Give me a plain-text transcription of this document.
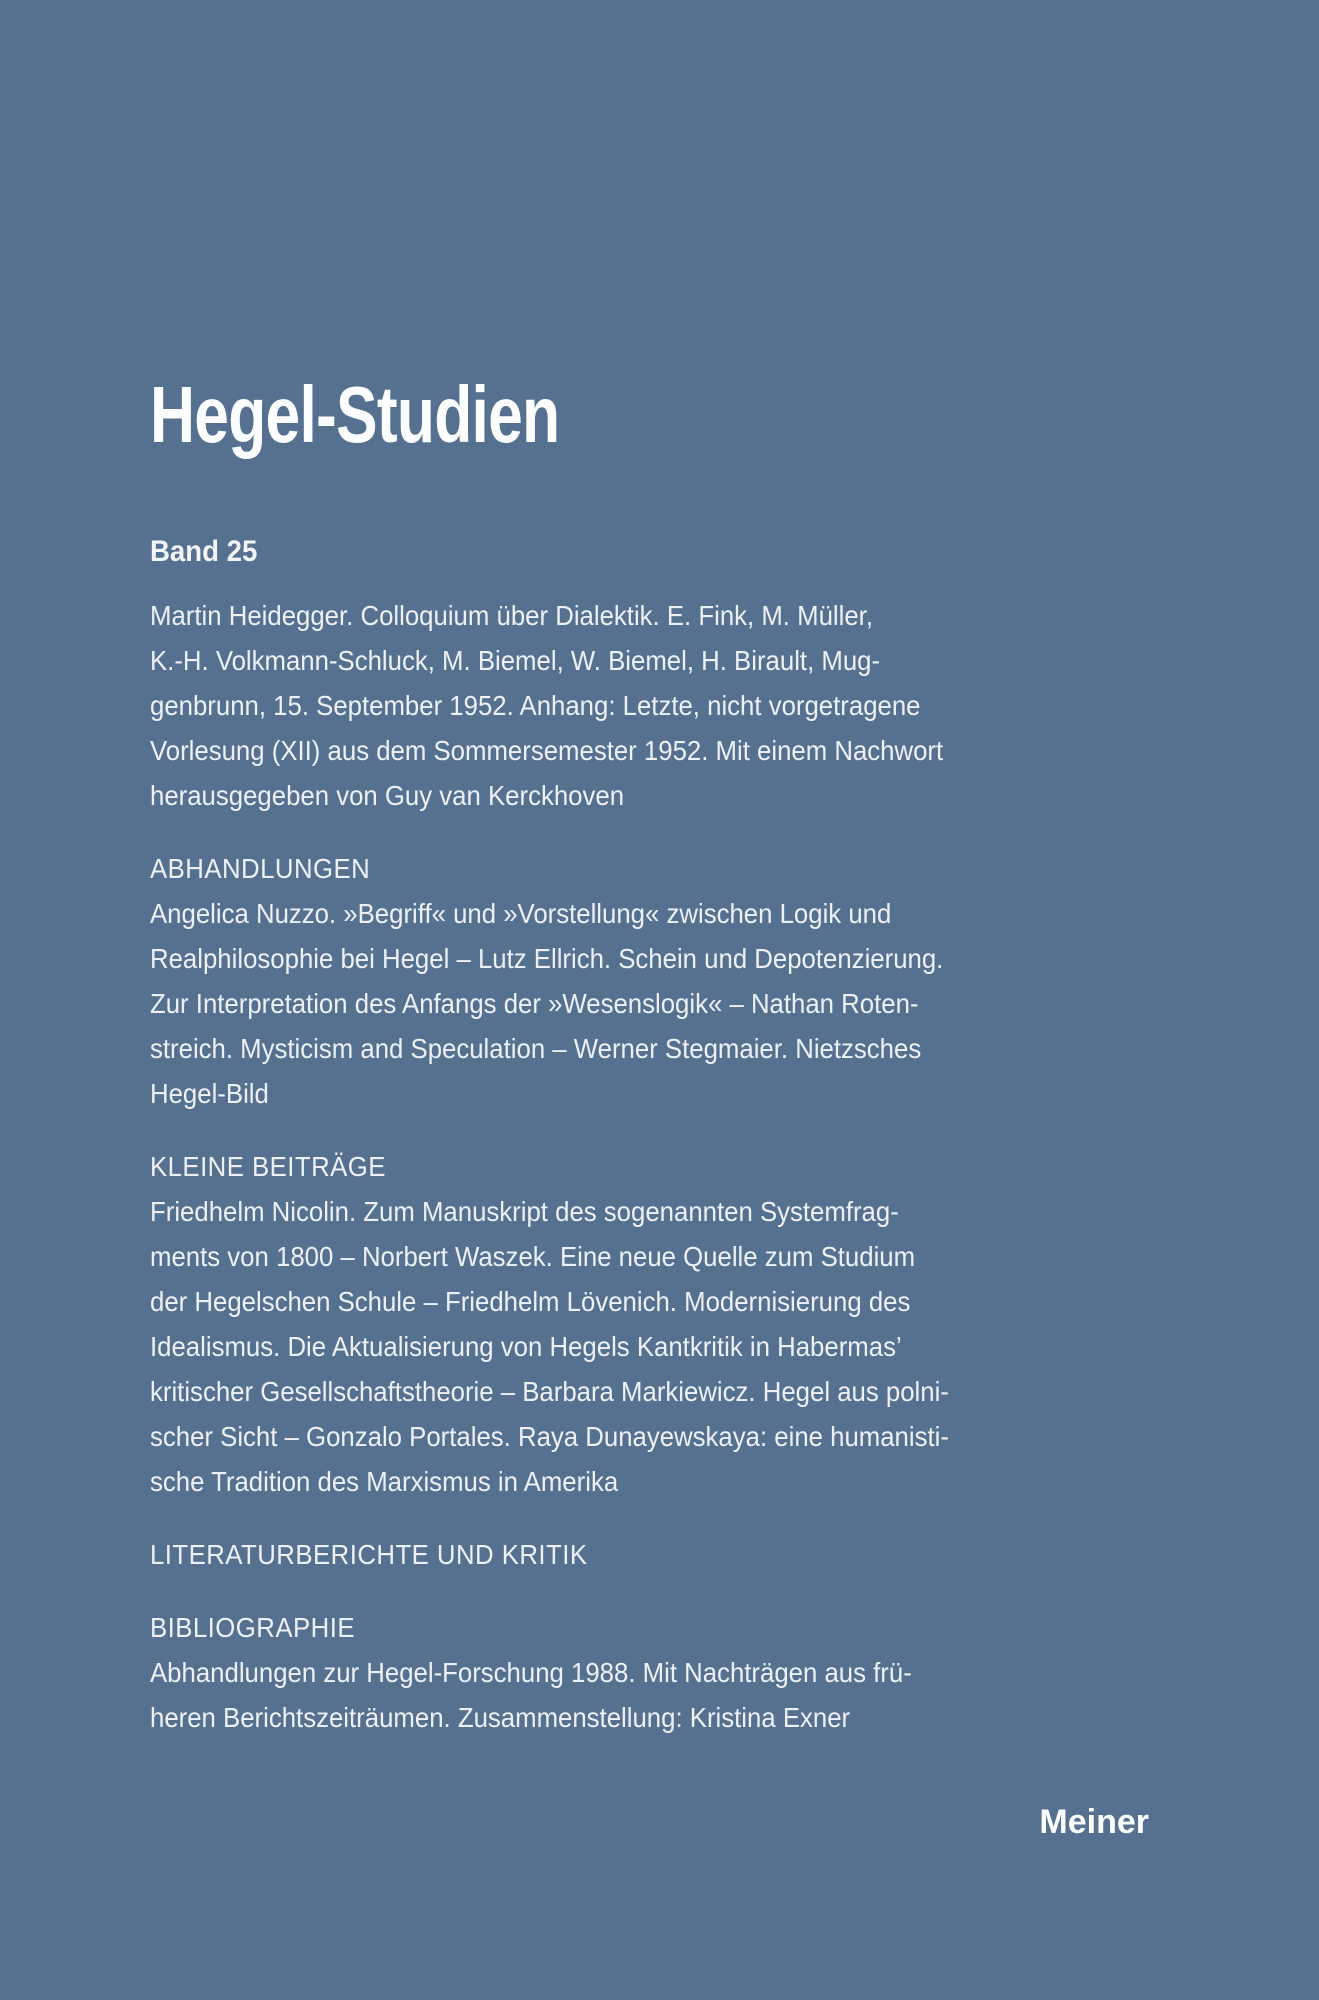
Hegel-Studien
Band 25
Martin Heidegger. Colloquium über Dialektik. E. Fink, M. Müller,
K.-H. Volkmann-Schluck, M. Biemel, W. Biemel, H. Birault, Mug-
genbrunn, 15. September 1952. Anhang: Letzte, nicht vorgetragene
Vorlesung (XII) aus dem Sommersemester 1952. Mit einem Nachwort
herausgegeben von Guy van Kerckhoven
ABHANDLUNGEN
Angelica Nuzzo. »Begriff« und »Vorstellung« zwischen Logik und
Realphilosophie bei Hegel – Lutz Ellrich. Schein und Depotenzierung.
Zur Interpretation des Anfangs der »Wesenslogik« – Nathan Roten-
streich. Mysticism and Speculation – Werner Stegmaier. Nietzsches
Hegel-Bild
KLEINE BEITRÄGE
Friedhelm Nicolin. Zum Manuskript des sogenannten Systemfrag-
ments von 1800 – Norbert Waszek. Eine neue Quelle zum Studium
der Hegelschen Schule – Friedhelm Lövenich. Modernisierung des
Idealismus. Die Aktualisierung von Hegels Kantkritik in Habermas’
kritischer Gesellschaftstheorie – Barbara Markiewicz. Hegel aus polni-
scher Sicht – Gonzalo Portales. Raya Dunayewskaya: eine humanisti-
sche Tradition des Marxismus in Amerika
LITERATURBERICHTE UND KRITIK
BIBLIOGRAPHIE
Abhandlungen zur Hegel-Forschung 1988. Mit Nachträgen aus frü-
heren Berichtszeiträumen. Zusammenstellung: Kristina Exner
Meiner
